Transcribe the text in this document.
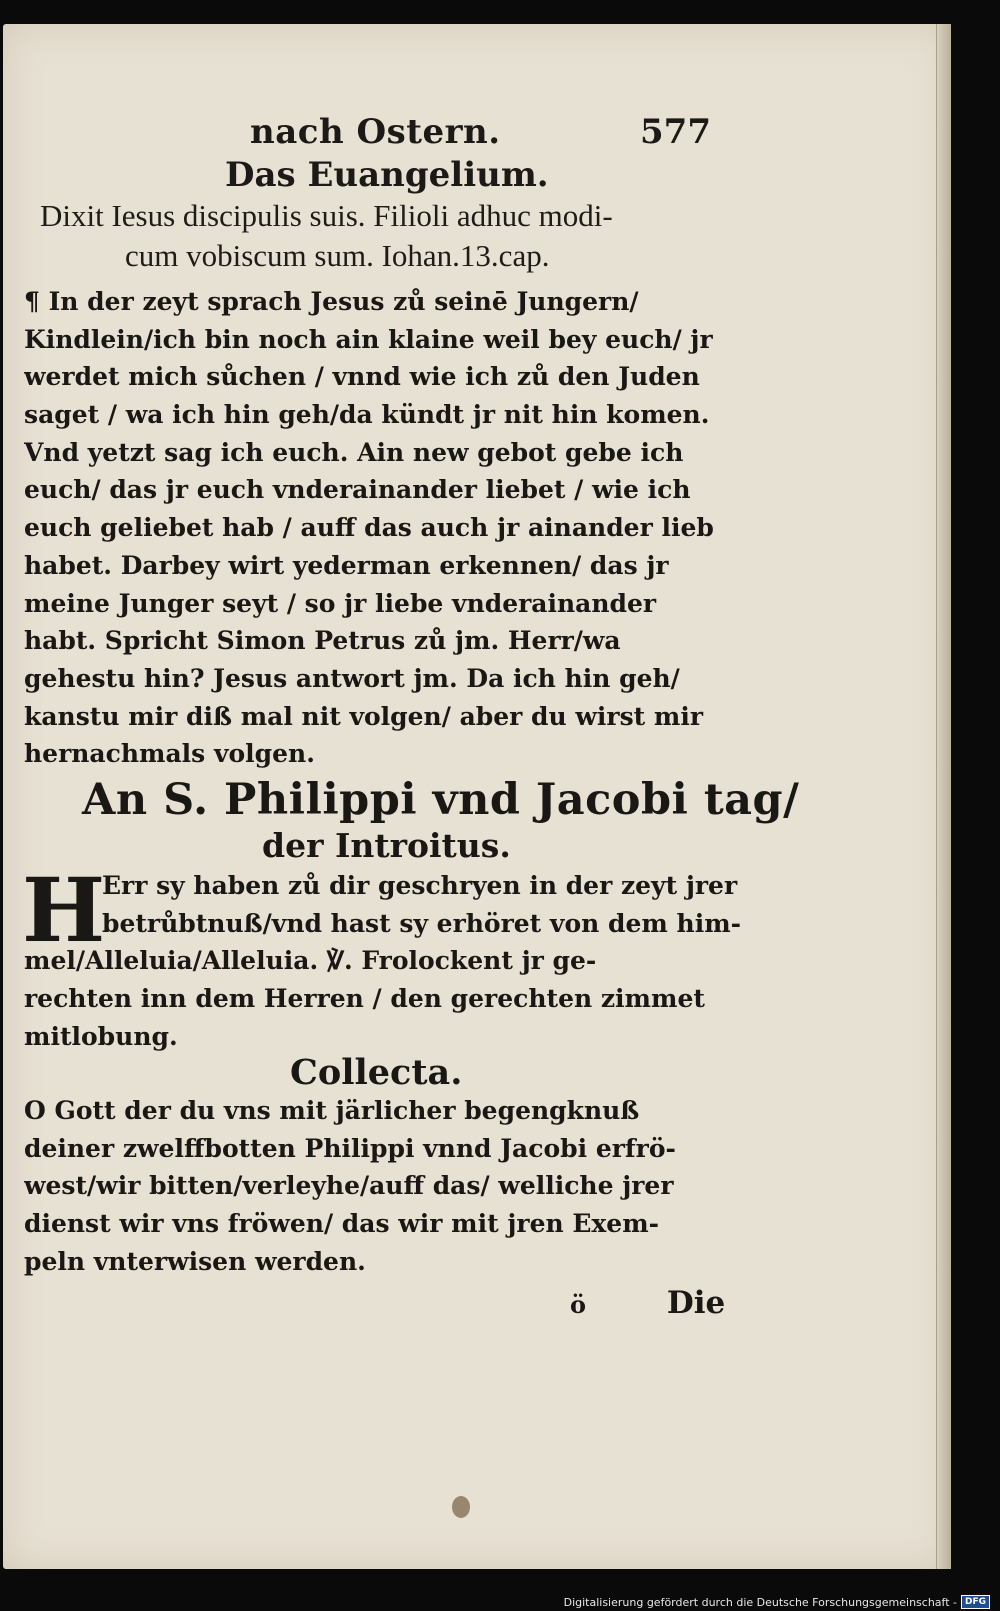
nach Ostern.	577
Das Euangelium.
Dixit Iesus discipulis suis. Filioli adhuc modi-
cum vobiscum sum. Iohan.13.cap.
¶ In der zeyt sprach Jesus zů seinē Jungern/
Kindlein/ich bin noch ain klaine weil bey euch/ jr
werdet mich sůchen / vnnd wie ich zů den Juden
saget / wa ich hin geh/da kündt jr nit hin komen.
Vnd yetzt sag ich euch. Ain new gebot gebe ich
euch/ das jr euch vnderainander liebet / wie ich
euch geliebet hab / auff das auch jr ainander lieb
habet. Darbey wirt yederman erkennen/ das jr
meine Junger seyt / so jr liebe vnderainander
habt. Spricht Simon Petrus zů jm. Herr/wa
gehestu hin? Jesus antwort jm. Da ich hin geh/
kanstu mir diß mal nit volgen/ aber du wirst mir
hernachmals volgen.
An S. Philippi vnd Jacobi tag/
der Introitus.
H
Err sy haben zů dir geschryen in der zeyt jrer
betrůbtnuß/vnd hast sy erhöret von dem him-
mel/Alleluia/Alleluia. ℣. Frolockent jr ge-
rechten inn dem Herren / den gerechten zimmet
mitlobung.
Collecta.
O Gott der du vns mit järlicher begengknuß
deiner zwelffbotten Philippi vnnd Jacobi erfrö-
west/wir bitten/verleyhe/auff das/ welliche jrer
dienst wir vns fröwen/ das wir mit jren Exem-
peln vnterwisen werden.
ö	Die
Digitalisierung gefördert durch die Deutsche Forschungsgemeinschaft - DFG
